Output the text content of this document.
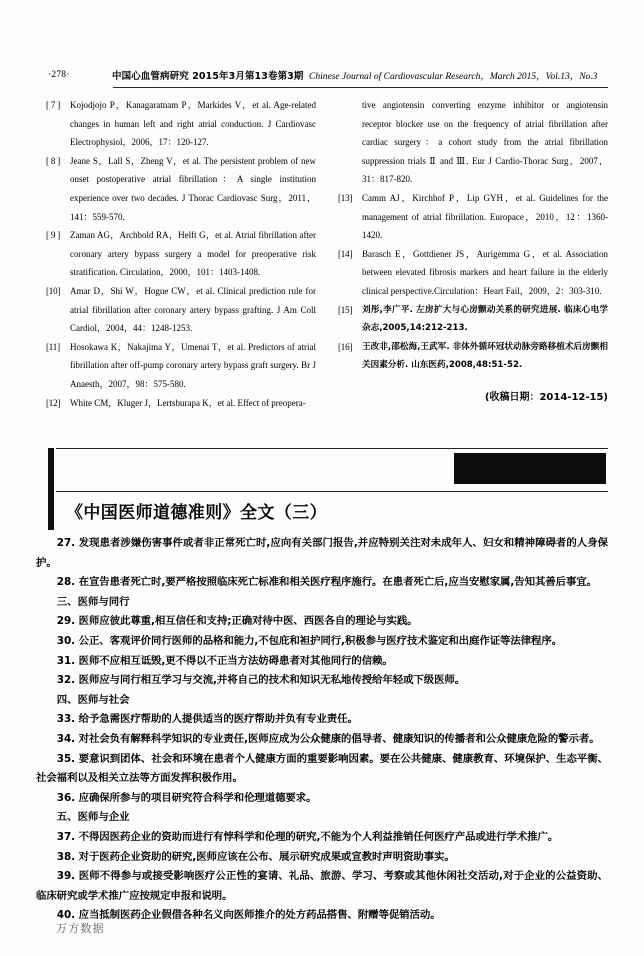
·278·	中国心血管病研究 2015年3月第13卷第3期 Chinese Journal of Cardiovascular Research，March 2015，Vol.13，No.3
[ 7 ]	Kojodjojo P，Kanagaratnam P，Markides V，et al. Age-related changes in human left and right atrial conduction. J Cardiovasc Electrophysiol，2006，17：120-127.
[ 8 ]	Jeane S，Lall S，Zheng V，et al. The persistent problem of new onset postoperative atrial fibrillation：A single institution experience over two decades. J Thorac Cardiovasc Surg，2011，141：559-570.
[ 9 ]	Zaman AG，Archbold RA，Helft G，et al. Atrial fibrillation after coronary artery bypass surgery a model for preoperative risk stratification. Circulation，2000，101：1403-1408.
[10]	Amar D，Shi W，Hogue CW，et al. Clinical prediction rule for atrial fibrillation after coronary artery bypass grafting. J Am Coll Cardiol，2004，44：1248-1253.
[11]	Hosokawa K，Nakajima Y，Umenai T，et al. Predictors of atrial fibrillation after off-pump coronary artery bypass graft surgery. Br J Anaesth，2007，98：575-580.
[12]	White CM，Kluger J，Lertsburapa K，et al. Effect of preopera-
tive angiotensin converting enzyme inhibitor or angiotensin receptor blocker use on the frequency of atrial fibrillation after cardiac surgery：a cohort study from the atrial fibrillation suppression trials Ⅱ and Ⅲ. Eur J Cardio-Thorac Surg，2007，31：817-820.
[13]	Camm AJ，Kirchhof P，Lip GYH，et al. Guidelines for the management of atrial fibrillation. Europace，2010，12：1360-1420.
[14]	Barasch E，Gottdiener JS，Aurigemma G，et al. Association between elevated fibrosis markers and heart failure in the elderly clinical perspective.Circulation：Heart Fail，2009，2：303-310.
[15]	刘彤,李广平. 左房扩大与心房颤动关系的研究进展. 临床心电学杂志,2005,14:212-213.
[16]	王改非,邵松海,王武军. 非体外循环冠状动脉旁路移植术后房颤相关因素分析. 山东医药,2008,48:51-52.
(收稿日期：2014-12-15)
《中国医师道德准则》全文（三）
27. 发现患者涉嫌伤害事件或者非正常死亡时,应向有关部门报告,并应特别关注对未成年人、妇女和精神障碍者的人身保护。
28. 在宣告患者死亡时,要严格按照临床死亡标准和相关医疗程序施行。在患者死亡后,应当安慰家属,告知其善后事宜。
三、医师与同行
29. 医师应彼此尊重,相互信任和支持;正确对待中医、西医各自的理论与实践。
30. 公正、客观评价同行医师的品格和能力,不包庇和袒护同行,积极参与医疗技术鉴定和出庭作证等法律程序。
31. 医师不应相互诋毁,更不得以不正当方法妨碍患者对其他同行的信赖。
32. 医师应与同行相互学习与交流,并将自己的技术和知识无私地传授给年轻或下级医师。
四、医师与社会
33. 给予急需医疗帮助的人提供适当的医疗帮助并负有专业责任。
34. 对社会负有解释科学知识的专业责任,医师应成为公众健康的倡导者、健康知识的传播者和公众健康危险的警示者。
35. 要意识到团体、社会和环境在患者个人健康方面的重要影响因素。要在公共健康、健康教育、环境保护、生态平衡、社会福利以及相关立法等方面发挥积极作用。
36. 应确保所参与的项目研究符合科学和伦理道德要求。
五、医师与企业
37. 不得因医药企业的资助而进行有悖科学和伦理的研究,不能为个人利益推销任何医疗产品或进行学术推广。
38. 对于医药企业资助的研究,医师应该在公布、展示研究成果或宣教时声明资助事实。
39. 医师不得参与或接受影响医疗公正性的宴请、礼品、旅游、学习、考察或其他休闲社交活动,对于企业的公益资助、临床研究或学术推广应按规定申报和说明。
40. 应当抵制医药企业假借各种名义向医师推介的处方药品搭售、附赠等促销活动。
万方数据
